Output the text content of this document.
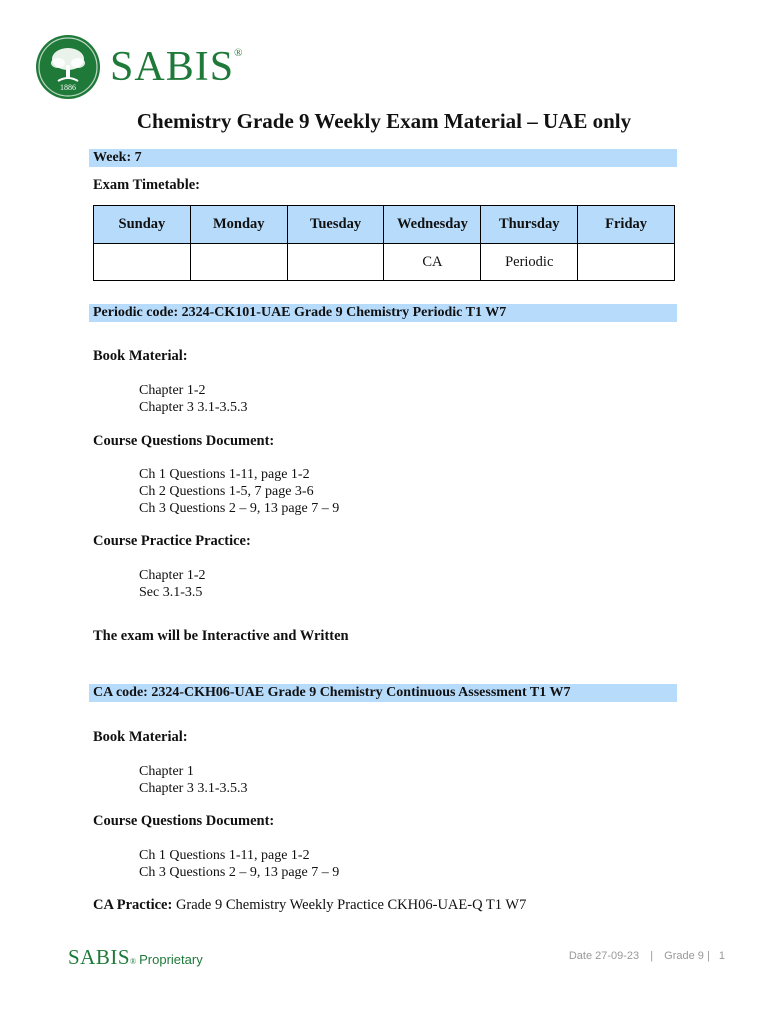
1886 SABIS®
Chemistry Grade 9 Weekly Exam Material – UAE only
Week: 7
Exam Timetable:
Sunday	Monday	Tuesday	Wednesday	Thursday	Friday
			CA	Periodic	
Periodic code: 2324-CK101-UAE Grade 9 Chemistry Periodic T1 W7
Book Material:
Chapter 1-2
Chapter 3 3.1-3.5.3
Course Questions Document:
Ch 1 Questions 1-11, page 1-2
Ch 2 Questions 1-5, 7 page 3-6
Ch 3 Questions 2 – 9, 13 page 7 – 9
Course Practice Practice:
Chapter 1-2
Sec 3.1-3.5
The exam will be Interactive and Written
CA code: 2324-CKH06-UAE Grade 9 Chemistry Continuous Assessment T1 W7
Book Material:
Chapter 1
Chapter 3 3.1-3.5.3
Course Questions Document:
Ch 1 Questions 1-11, page 1-2
Ch 3 Questions 2 – 9, 13 page 7 – 9
CA Practice: Grade 9 Chemistry Weekly Practice CKH06-UAE-Q T1 W7
SABIS ® Proprietary	Date 27-09-23 | Grade 9 | 1
